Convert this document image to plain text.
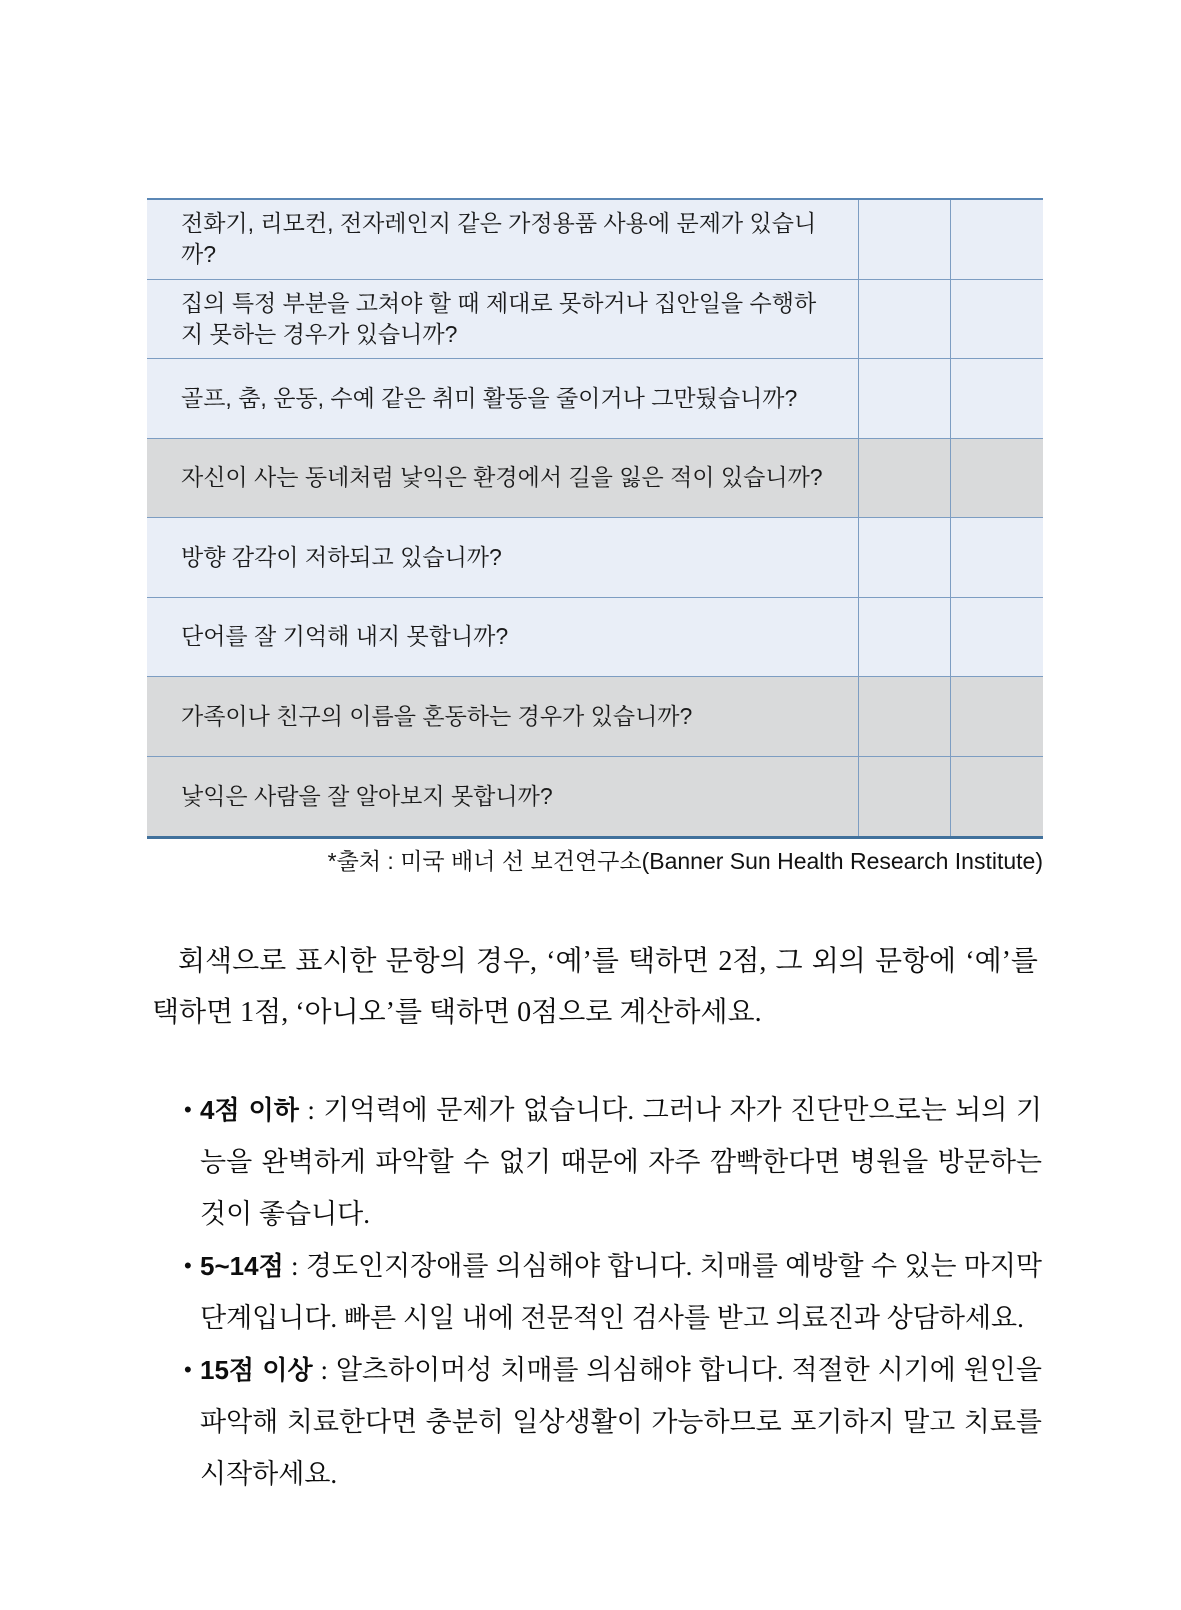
전화기, 리모컨, 전자레인지 같은 가정용품 사용에 문제가 있습니까?
집의 특정 부분을 고쳐야 할 때 제대로 못하거나 집안일을 수행하지 못하는 경우가 있습니까?
골프, 춤, 운동, 수예 같은 취미 활동을 줄이거나 그만뒀습니까?
자신이 사는 동네처럼 낯익은 환경에서 길을 잃은 적이 있습니까?
방향 감각이 저하되고 있습니까?
단어를 잘 기억해 내지 못합니까?
가족이나 친구의 이름을 혼동하는 경우가 있습니까?
낯익은 사람을 잘 알아보지 못합니까?
*출처 : 미국 배너 선 보건연구소(Banner Sun Health Research Institute)

회색으로 표시한 문항의 경우, ‘예’를 택하면 2점, 그 외의 문항에 ‘예’를 택하면 1점, ‘아니오’를 택하면 0점으로 계산하세요.

• 4점 이하 : 기억력에 문제가 없습니다. 그러나 자가 진단만으로는 뇌의 기능을 완벽하게 파악할 수 없기 때문에 자주 깜빡한다면 병원을 방문하는 것이 좋습니다.
• 5~14점 : 경도인지장애를 의심해야 합니다. 치매를 예방할 수 있는 마지막 단계입니다. 빠른 시일 내에 전문적인 검사를 받고 의료진과 상담하세요.
• 15점 이상 : 알츠하이머성 치매를 의심해야 합니다. 적절한 시기에 원인을 파악해 치료한다면 충분히 일상생활이 가능하므로 포기하지 말고 치료를 시작하세요.
